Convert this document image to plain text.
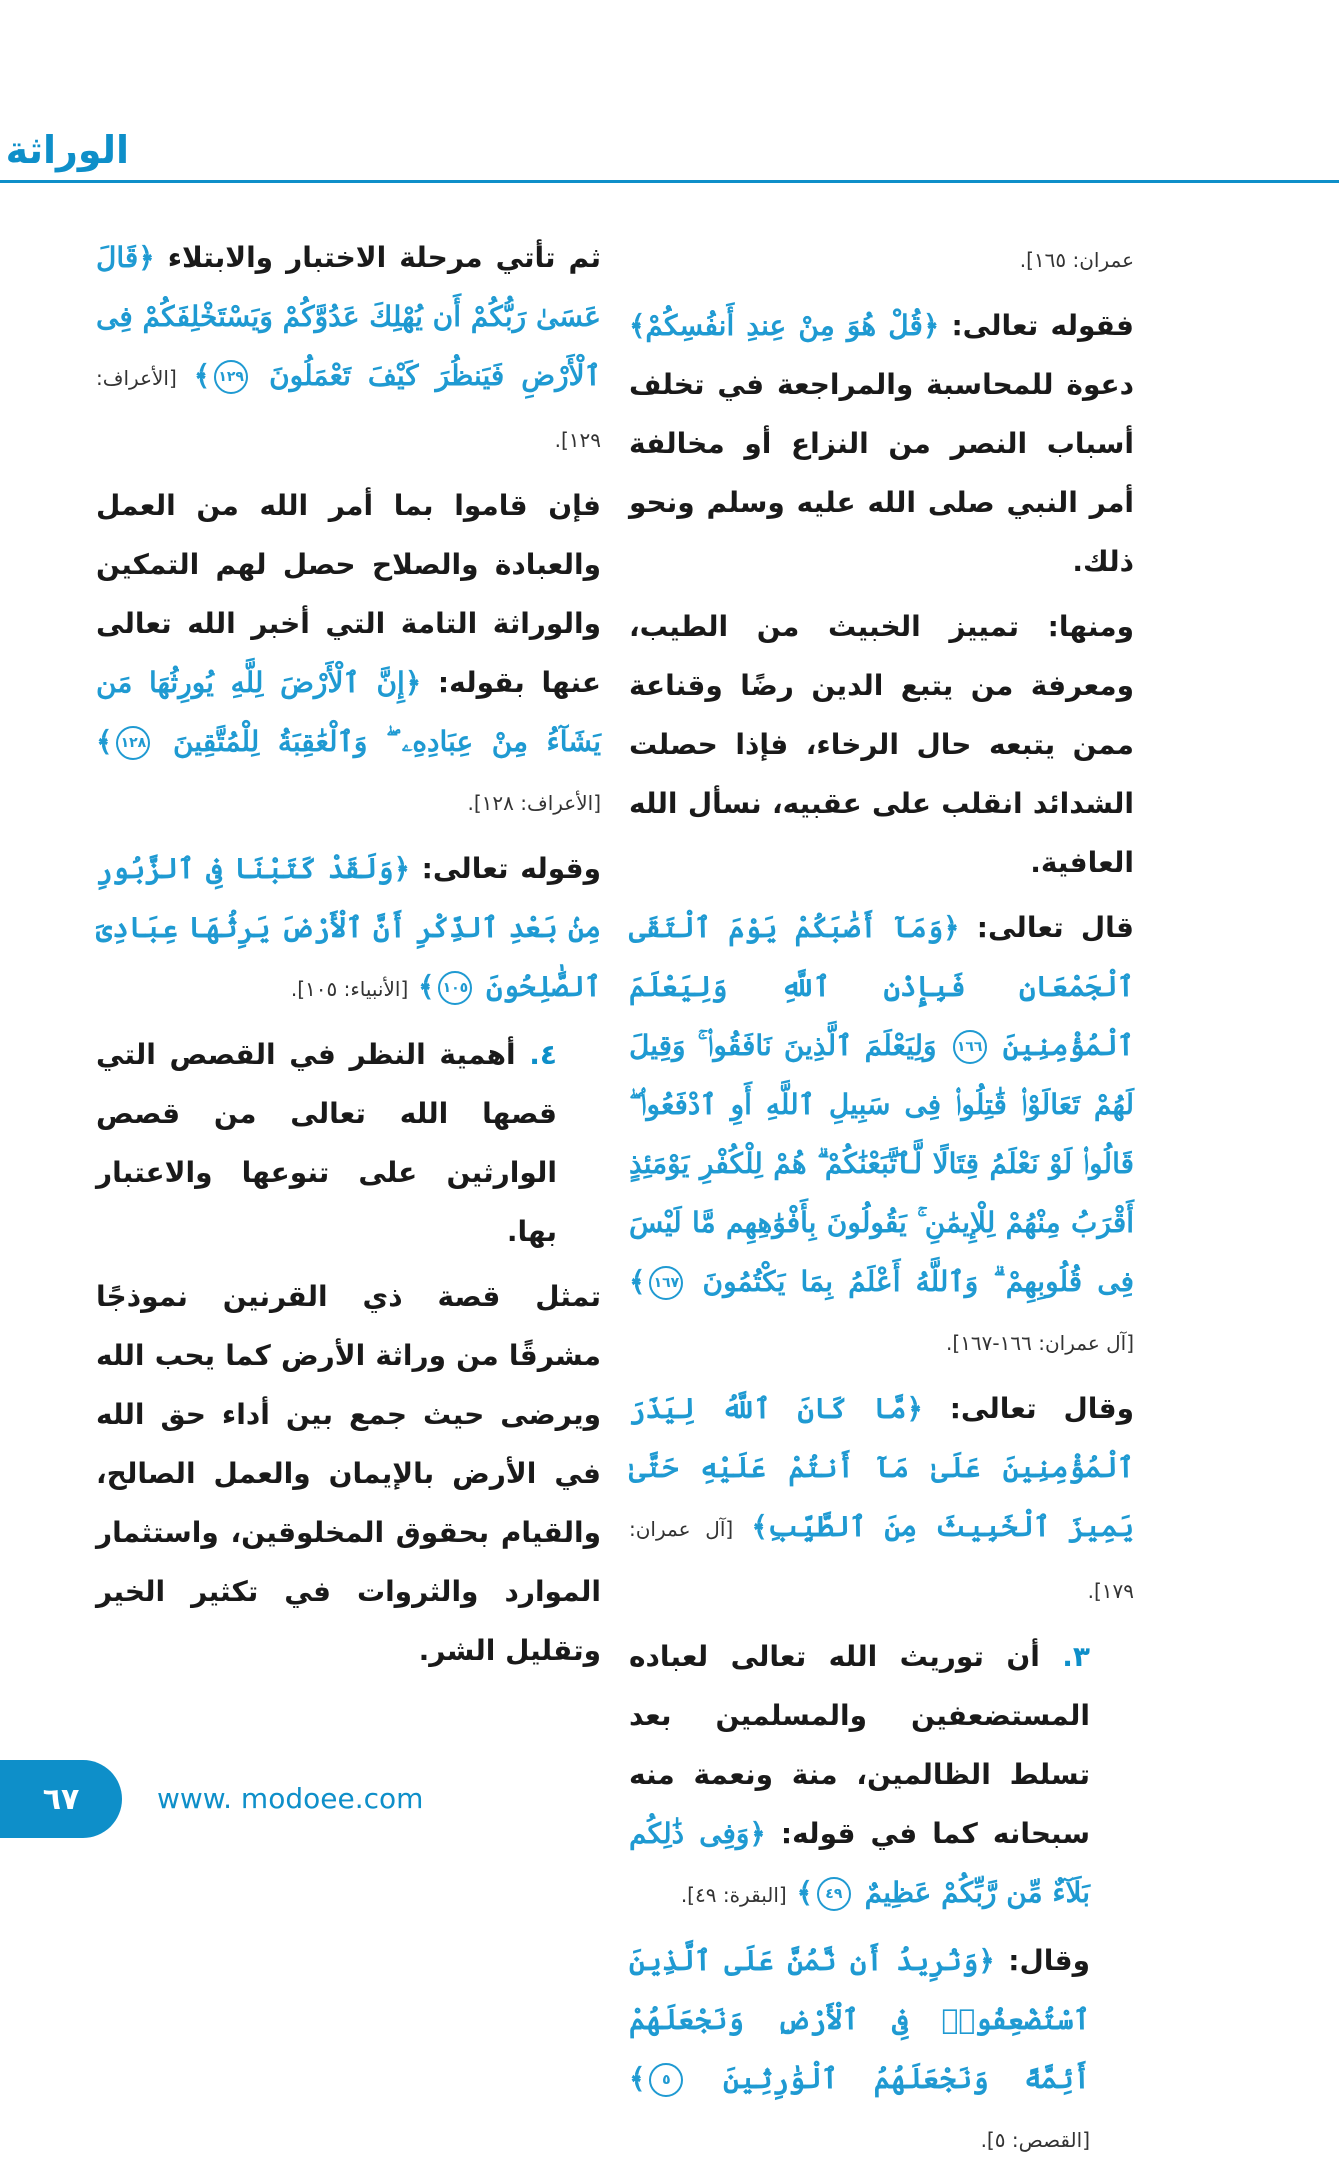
الوراثة

عمران: ١٦٥].

فقوله تعالى: ﴿قُلْ هُوَ مِنْ عِندِ أَنفُسِكُمْ﴾ دعوة للمحاسبة والمراجعة في تخلف أسباب النصر من النزاع أو مخالفة أمر النبي صلى الله عليه وسلم ونحو ذلك.

ومنها: تمييز الخبيث من الطيب، ومعرفة من يتبع الدين رضًا وقناعة ممن يتبعه حال الرخاء، فإذا حصلت الشدائد انقلب على عقبيه، نسأل الله العافية.

قال تعالى: ﴿وَمَآ أَصَٰبَكُمْ يَوْمَ ٱلْتَقَى ٱلْجَمْعَانِ فَبِإِذْنِ ٱللَّهِ وَلِيَعْلَمَ ٱلْمُؤْمِنِينَ ١٦٦ وَلِيَعْلَمَ ٱلَّذِينَ نَافَقُوا۟ ۚ وَقِيلَ لَهُمْ تَعَالَوْا۟ قَٰتِلُوا۟ فِى سَبِيلِ ٱللَّهِ أَوِ ٱدْفَعُوا۟ ۖ قَالُوا۟ لَوْ نَعْلَمُ قِتَالًا لَّٱتَّبَعْنَٰكُمْ ۗ هُمْ لِلْكُفْرِ يَوْمَئِذٍ أَقْرَبُ مِنْهُمْ لِلْإِيمَٰنِ ۚ يَقُولُونَ بِأَفْوَٰهِهِم مَّا لَيْسَ فِى قُلُوبِهِمْ ۗ وَٱللَّهُ أَعْلَمُ بِمَا يَكْتُمُونَ ١٦٧﴾ [آل عمران: ١٦٦-١٦٧].

وقال تعالى: ﴿مَّا كَانَ ٱللَّهُ لِيَذَرَ ٱلْمُؤْمِنِينَ عَلَىٰ مَآ أَنتُمْ عَلَيْهِ حَتَّىٰ يَمِيزَ ٱلْخَبِيثَ مِنَ ٱلطَّيِّبِ﴾ [آل عمران: ١٧٩].

٣. أن توريث الله تعالى لعباده المستضعفين والمسلمين بعد تسلط الظالمين، منة ونعمة منه سبحانه كما في قوله: ﴿وَفِى ذَٰلِكُم بَلَآءٌ مِّن رَّبِّكُمْ عَظِيمٌ ٤٩﴾ [البقرة: ٤٩].

وقال: ﴿وَنُرِيدُ أَن نَّمُنَّ عَلَى ٱلَّذِينَ ٱسْتُضْعِفُوا۟ فِى ٱلْأَرْضِ وَنَجْعَلَهُمْ أَئِمَّةً وَنَجْعَلَهُمُ ٱلْوَٰرِثِينَ ٥﴾ [القصص: ٥].

ثم تأتي مرحلة الاختبار والابتلاء ﴿قَالَ عَسَىٰ رَبُّكُمْ أَن يُهْلِكَ عَدُوَّكُمْ وَيَسْتَخْلِفَكُمْ فِى ٱلْأَرْضِ فَيَنظُرَ كَيْفَ تَعْمَلُونَ ١٢٩﴾ [الأعراف: ١٢٩].

فإن قاموا بما أمر الله من العمل والعبادة والصلاح حصل لهم التمكين والوراثة التامة التي أخبر الله تعالى عنها بقوله: ﴿إِنَّ ٱلْأَرْضَ لِلَّهِ يُورِثُهَا مَن يَشَآءُ مِنْ عِبَادِهِۦ ۖ وَٱلْعَٰقِبَةُ لِلْمُتَّقِينَ ١٢٨﴾ [الأعراف: ١٢٨].

وقوله تعالى: ﴿وَلَقَدْ كَتَبْنَا فِى ٱلزَّبُورِ مِنۢ بَعْدِ ٱلذِّكْرِ أَنَّ ٱلْأَرْضَ يَرِثُهَا عِبَادِىَ ٱلصَّٰلِحُونَ ١٠٥﴾ [الأنبياء: ١٠٥].

٤. أهمية النظر في القصص التي قصها الله تعالى من قصص الوارثين على تنوعها والاعتبار بها.

تمثل قصة ذي القرنين نموذجًا مشرقًا من وراثة الأرض كما يحب الله ويرضى حيث جمع بين أداء حق الله في الأرض بالإيمان والعمل الصالح، والقيام بحقوق المخلوقين، واستثمار الموارد والثروات في تكثير الخير وتقليل الشر.

٦٧	www. modoee.com
